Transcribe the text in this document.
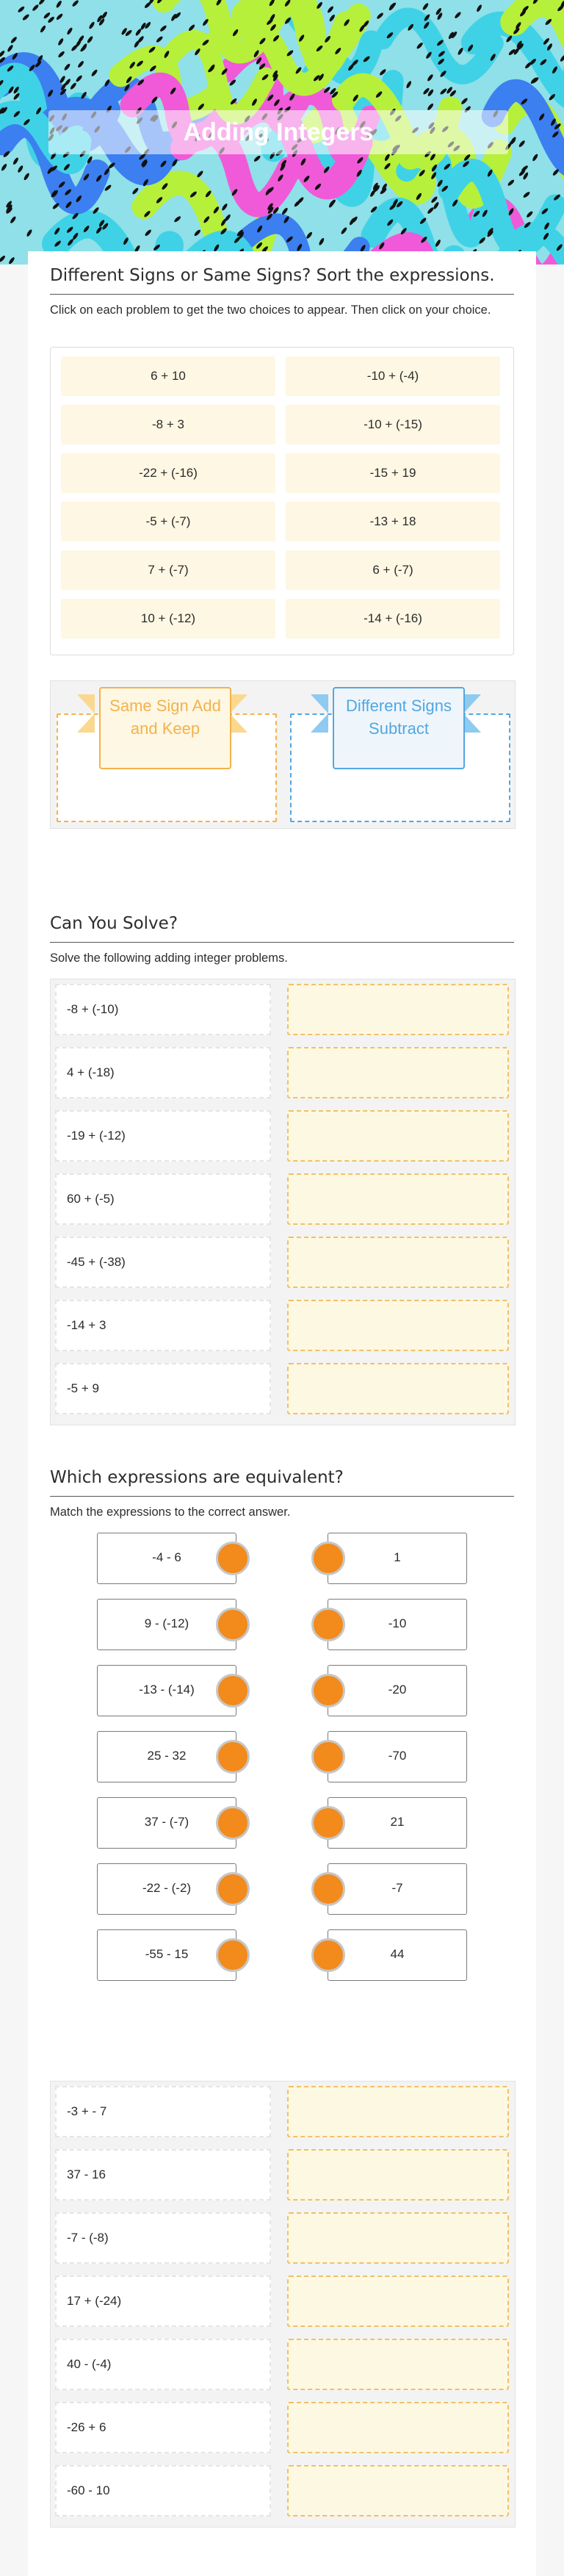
Adding Integers
Different Signs or Same Signs? Sort the expressions.
Click on each problem to get the two choices to appear. Then click on your choice.
6 + 10	-10 + (-4)
-8 + 3	-10 + (-15)
-22 + (-16)	-15 + 19
-5 + (-7)	-13 + 18
7 + (-7)	6 + (-7)
10 + (-12)	-14 + (-16)
Same Sign Add and Keep
Different Signs Subtract
Can You Solve?
Solve the following adding integer problems.
-8 + (-10)
4 + (-18)
-19 + (-12)
60 + (-5)
-45 + (-38)
-14 + 3
-5 + 9
Which expressions are equivalent?
Match the expressions to the correct answer.
-3 + - 7
37 - 16
-7 - (-8)
17 + (-24)
40 - (-4)
-26 + 6
-60 - 10
-4 - 6	1
9 - (-12)	-10
-13 - (-14)	-20
25 - 32	-70
37 - (-7)	21
-22 - (-2)	-7
-55 - 15	44
